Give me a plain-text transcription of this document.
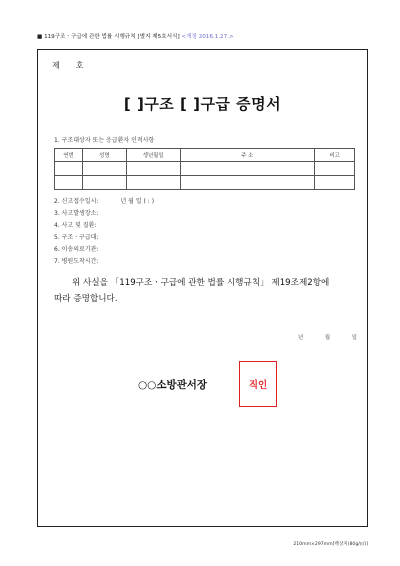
■ 119구조ㆍ구급에 관한 법률 시행규칙 [별지 제5호서식] <개정 2016.1.27.>
제 호
[ ]구조 [ ]구급 증명서
1. 구조대상자 또는 응급환자 인적사항
연번	성명	생년월일	주 소	비고

2. 신고접수일시:	년 월 일 ( : )
3. 사고발생장소:
4. 사고 및 질환:
5. 구조ㆍ구급대:
6. 이송의료기관:
7. 병원도착시간:

위 사실을 「119구조ㆍ구급에 관한 법률 시행규칙」 제19조제2항에

따라 증명합니다.
년 월 일
○○소방관서장	직인
210mm×297mm[백상지(80g/㎡)]
